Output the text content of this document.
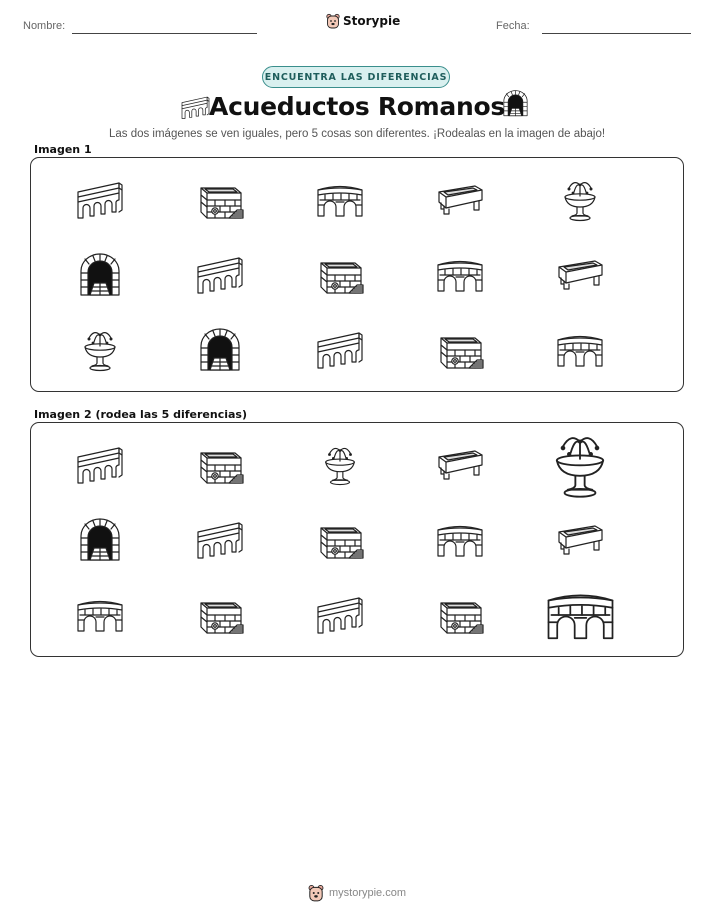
Nombre:	Storypie	Fecha:
ENCUENTRA LAS DIFERENCIAS
Acueductos Romanos
Las dos imágenes se ven iguales, pero 5 cosas son diferentes. ¡Rodealas en la imagen de abajo!
Imagen 1
Imagen 2 (rodea las 5 diferencias)
mystorypie.com
